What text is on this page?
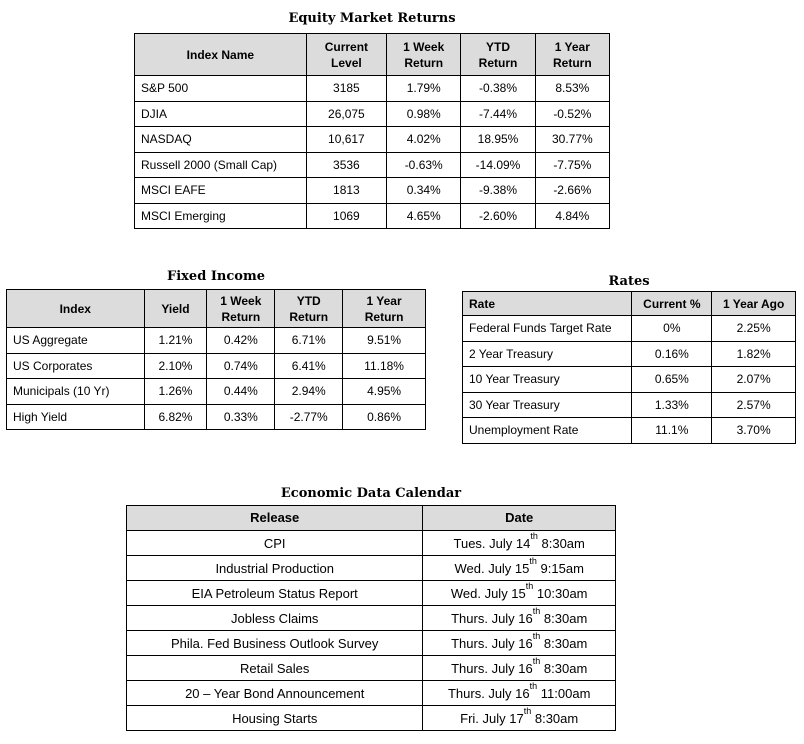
Equity Market Returns
Index Name	Current Level	1 Week Return	YTD Return	1 Year Return
S&P 500	3185	1.79%	-0.38%	8.53%
DJIA	26,075	0.98%	-7.44%	-0.52%
NASDAQ	10,617	4.02%	18.95%	30.77%
Russell 2000 (Small Cap)	3536	-0.63%	-14.09%	-7.75%
MSCI EAFE	1813	0.34%	-9.38%	-2.66%
MSCI Emerging	1069	4.65%	-2.60%	4.84%
Fixed Income
Index	Yield	1 Week Return	YTD Return	1 Year Return
US Aggregate	1.21%	0.42%	6.71%	9.51%
US Corporates	2.10%	0.74%	6.41%	11.18%
Municipals (10 Yr)	1.26%	0.44%	2.94%	4.95%
High Yield	6.82%	0.33%	-2.77%	0.86%
Rates
Rate	Current %	1 Year Ago
Federal Funds Target Rate	0%	2.25%
2 Year Treasury	0.16%	1.82%
10 Year Treasury	0.65%	2.07%
30 Year Treasury	1.33%	2.57%
Unemployment Rate	11.1%	3.70%
Economic Data Calendar
Release	Date
CPI	Tues. July 14th 8:30am
Industrial Production	Wed. July 15th 9:15am
EIA Petroleum Status Report	Wed. July 15th 10:30am
Jobless Claims	Thurs. July 16th 8:30am
Phila. Fed Business Outlook Survey	Thurs. July 16th 8:30am
Retail Sales	Thurs. July 16th 8:30am
20 – Year Bond Announcement	Thurs. July 16th 11:00am
Housing Starts	Fri. July 17th 8:30am
